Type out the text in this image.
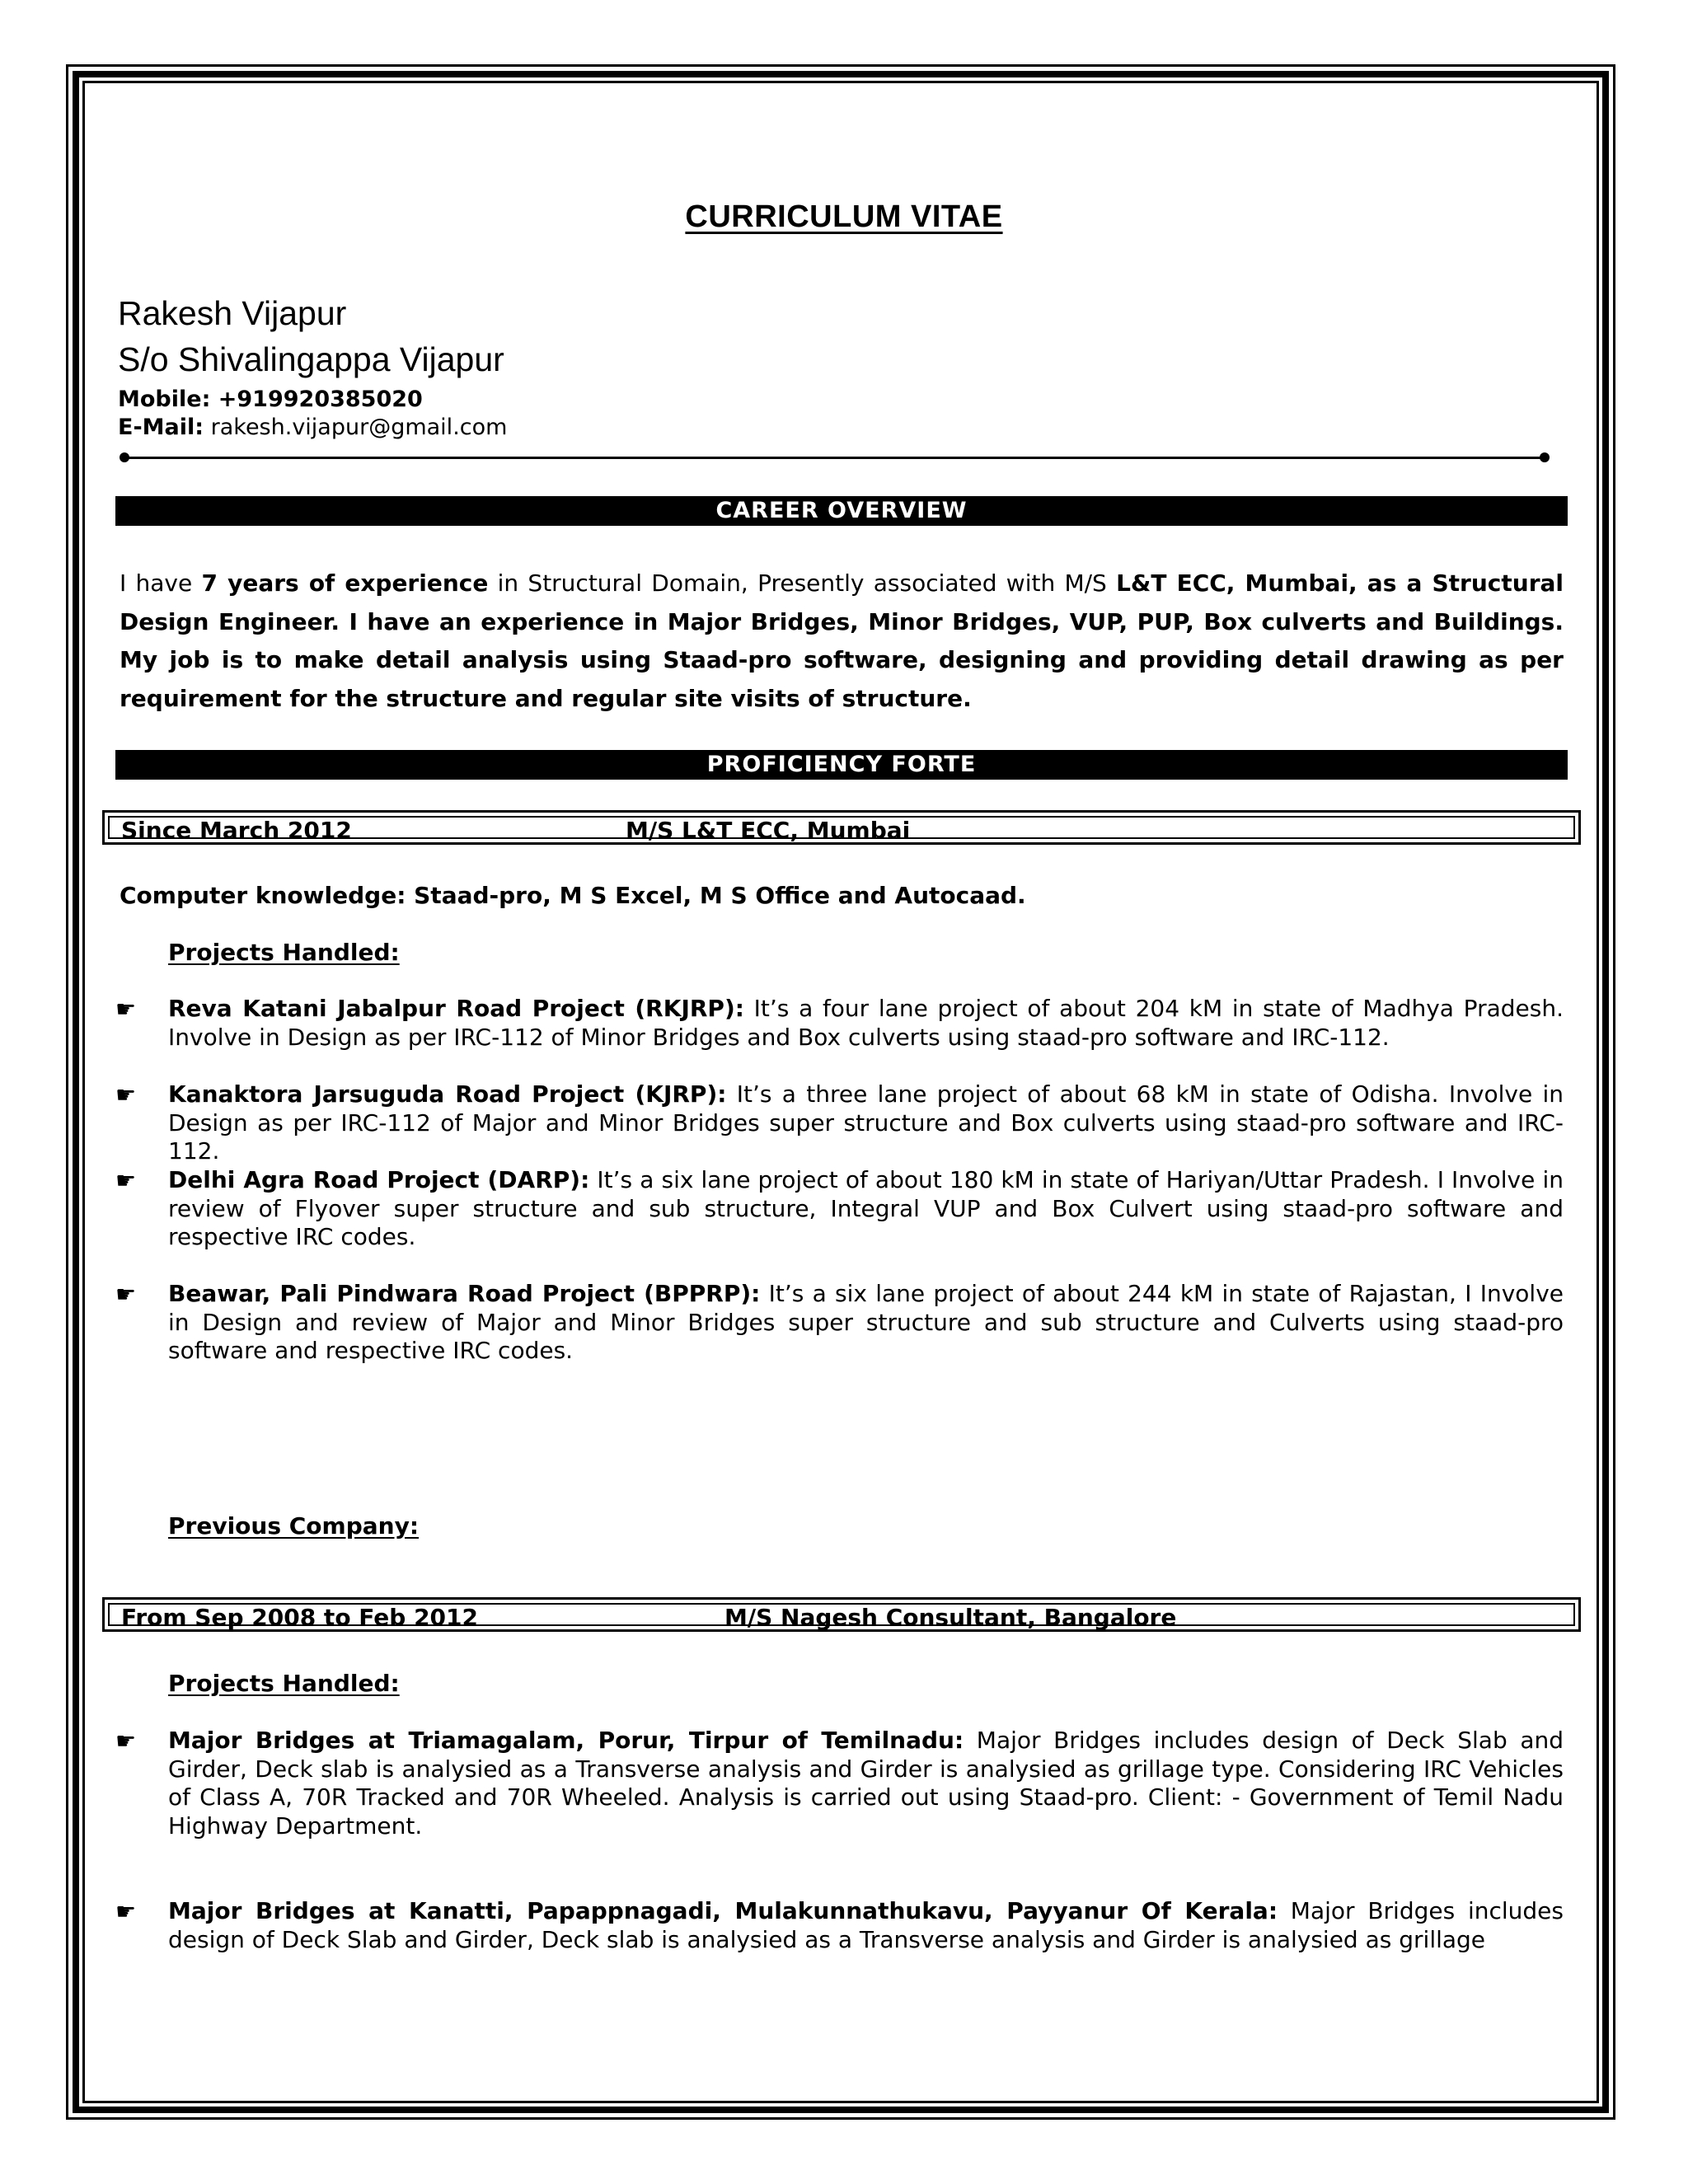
CURRICULUM VITAE
Rakesh Vijapur
S/o Shivalingappa Vijapur
Mobile: +919920385020
E-Mail: rakesh.vijapur@gmail.com
CAREER OVERVIEW
I have 7 years of experience in Structural Domain, Presently associated with M/S L&T ECC, Mumbai, as a Structural Design Engineer. I have an experience in Major Bridges, Minor Bridges, VUP, PUP, Box culverts and Buildings. My job is to make detail analysis using Staad-pro software, designing and providing detail drawing as per requirement for the structure and regular site visits of structure.
PROFICIENCY FORTE
Since March 2012	M/S L&T ECC, Mumbai
Computer knowledge: Staad-pro, M S Excel, M S Office and Autocaad.
Projects Handled:
☛ Reva Katani Jabalpur Road Project (RKJRP): It’s a four lane project of about 204 kM in state of Madhya Pradesh. Involve in Design as per IRC-112 of Minor Bridges and Box culverts using staad-pro software and IRC-112.
☛ Kanaktora Jarsuguda Road Project (KJRP): It’s a three lane project of about 68 kM in state of Odisha. Involve in Design as per IRC-112 of Major and Minor Bridges super structure and Box culverts using staad-pro software and IRC-112.
☛ Delhi Agra Road Project (DARP): It’s a six lane project of about 180 kM in state of Hariyan/Uttar Pradesh. I Involve in review of Flyover super structure and sub structure, Integral VUP and Box Culvert using staad-pro software and respective IRC codes.
☛ Beawar, Pali Pindwara Road Project (BPPRP): It’s a six lane project of about 244 kM in state of Rajastan, I Involve in Design and review of Major and Minor Bridges super structure and sub structure and Culverts using staad-pro software and respective IRC codes.
Previous Company:
From Sep 2008 to Feb 2012	M/S Nagesh Consultant, Bangalore
Projects Handled:
☛ Major Bridges at Triamagalam, Porur, Tirpur of Temilnadu: Major Bridges includes design of Deck Slab and Girder, Deck slab is analysied as a Transverse analysis and Girder is analysied as grillage type. Considering IRC Vehicles of Class A, 70R Tracked and 70R Wheeled. Analysis is carried out using Staad-pro. Client: - Government of Temil Nadu Highway Department.
☛ Major Bridges at Kanatti, Papappnagadi, Mulakunnathukavu, Payyanur Of Kerala: Major Bridges includes design of Deck Slab and Girder, Deck slab is analysied as a Transverse analysis and Girder is analysied as grillage
